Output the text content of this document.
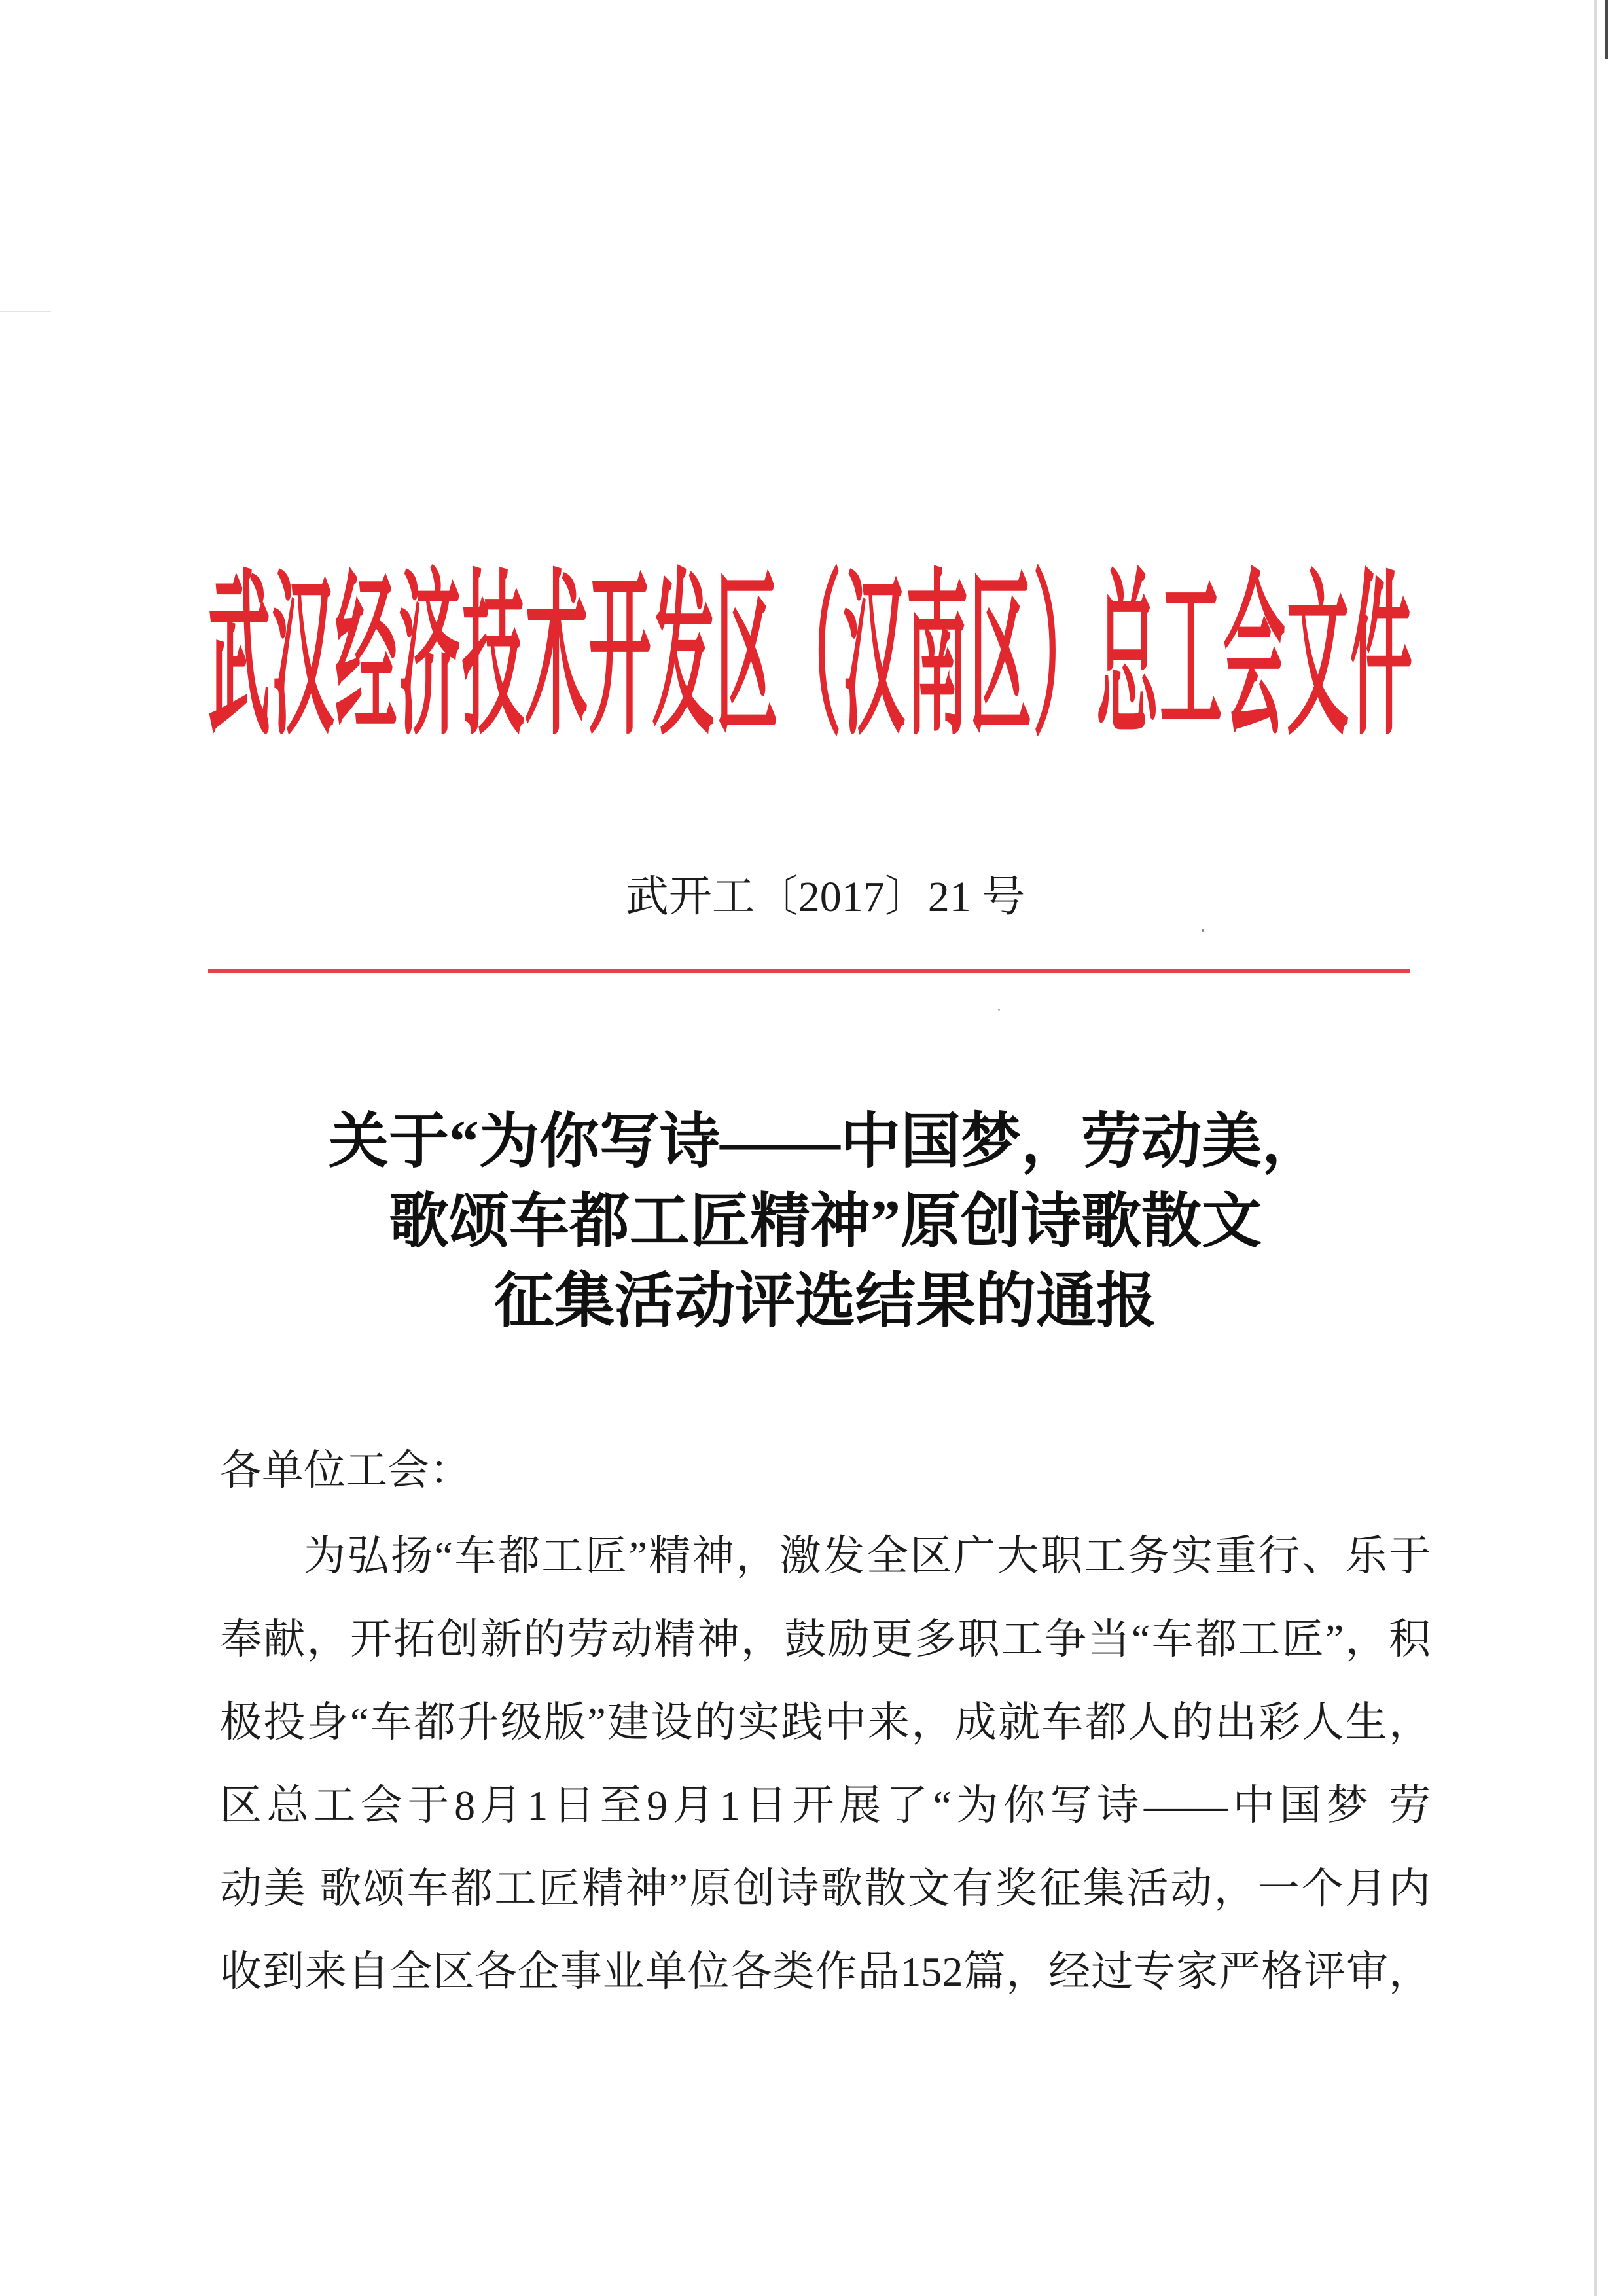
武汉经济技术开发区（汉南区）总工会文件
武开工〔2017〕21 号
关于“为你写诗——中国梦，劳动美，
歌颂车都工匠精神”原创诗歌散文
征集活动评选结果的通报
各单位工会：
为弘扬“车都工匠”精神，激发全区广大职工务实重行、乐于
奉献，开拓创新的劳动精神，鼓励更多职工争当“车都工匠”，积
极投身“车都升级版”建设的实践中来，成就车都人的出彩人生，
区总工会于8月1日至9月1日开展了“为你写诗——中国梦 劳
动美 歌颂车都工匠精神”原创诗歌散文有奖征集活动，一个月内
收到来自全区各企事业单位各类作品152篇，经过专家严格评审，
